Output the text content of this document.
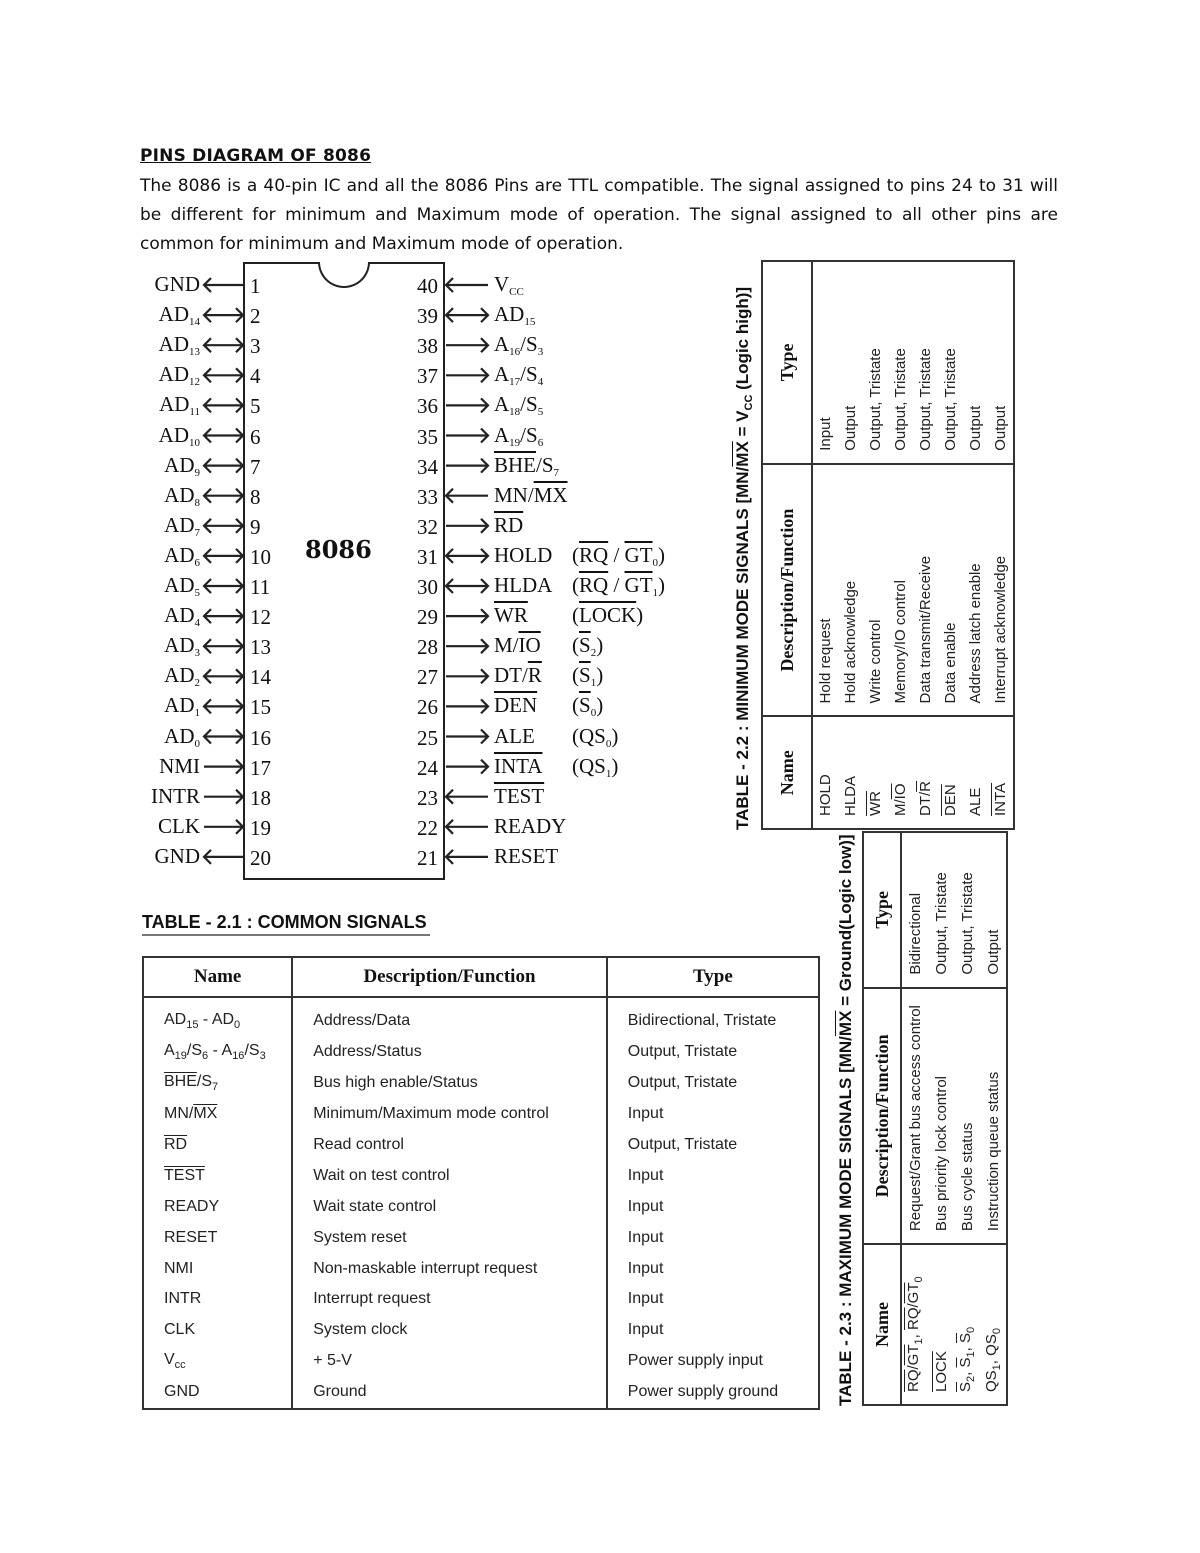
PINS DIAGRAM OF 8086
The 8086 is a 40-pin IC and all the 8086 Pins are TTL compatible. The signal assigned to pins 24 to 31 will be different for minimum and Maximum mode of operation. The signal assigned to all other pins are common for minimum and Maximum mode of operation.
8086
GND 1
$AD_{14}$ 2
$AD_{13}$ 3
$AD_{12}$ 4
$AD_{11}$ 5
$AD_{10}$ 6
$AD_9$ 7
$AD_8$ 8
$AD_7$ 9
$AD_6$ 10
$AD_5$ 11
$AD_4$ 12
$AD_3$ 13
$AD_2$ 14
$AD_1$ 15
$AD_0$ 16
NMI 17
INTR 18
CLK 19
GND 20
40	$V_{CC}$
39	$AD_{15}$
38	$A_{16}/S_3$
37	$A_{17}/S_4$
36	$A_{18}/S_5$
35	$A_{19}/S_6$
34	$\overline{BHE}/S_7$
33	$MN/\overline{MX}$
32	$\overline{RD}$
31	HOLD $(\overline{RQ} / \overline{GT}_0)$
30	HLDA $(\overline{RQ} / \overline{GT}_1)$
29	$\overline{WR}$ (LOCK)
28	$M/\overline{IO}$ $(\overline{S}_2)$
27	$DT/\overline{R}$ $(\overline{S}_1)$
26	$\overline{DEN}$ $(\overline{S}_0)$
25	ALE $(QS_0)$
24	INTA $(QS_1)$
23	TEST
22	READY
21	RESET
TABLE - 2.1 : COMMON SIGNALS
Name	Description/Function	Type
$AD_{15} - AD_0$	Address/Data	Bidirectional, Tristate
$A_{19}/S_6 - A_{16}/S_3$	Address/Status	Output, Tristate
$\overline{BHE}/S_7$	Bus high enable/Status	Output, Tristate
$MN/\overline{MX}$	Minimum/Maximum mode control	Input
$\overline{RD}$	Read control	Output, Tristate
TEST	Wait on test control	Input
READY	Wait state control	Input
RESET	System reset	Input
NMI	Non-maskable interrupt request	Input
INTR	Interrupt request	Input
CLK	System clock	Input
$V_{cc}$	+ 5-V	Power supply input
GND	Ground	Power supply ground
TABLE - 2.2 : MINIMUM MODE SIGNALS [$MN/\overline{MX} = V_{CC}$ (Logic high)]
Name	Description/Function	Type
HOLD	Hold request	Input
HLDA	Hold acknowledge	Output
$\overline{WR}$	Write control	Output, Tristate
$M/\overline{IO}$	Memory/IO control	Output, Tristate
$DT/\overline{R}$	Data transmit/Receive	Output, Tristate
$\overline{DEN}$	Data enable	Output, Tristate
ALE	Address latch enable	Output
INTA	Interrupt acknowledge	Output
TABLE - 2.3 : MAXIMUM MODE SIGNALS [$MN/\overline{MX}$ = Ground(Logic low)]
Name	Description/Function	Type
$\overline{RQ}/\overline{GT}_1$, $\overline{RQ}/\overline{GT}_0$	Request/Grant bus access control	Bidirectional
LOCK	Bus priority lock control	Output, Tristate
$\overline{S}_2$, $\overline{S}_1$, $\overline{S}_0$	Bus cycle status	Output, Tristate
$QS_1$, $QS_0$	Instruction queue status	Output
